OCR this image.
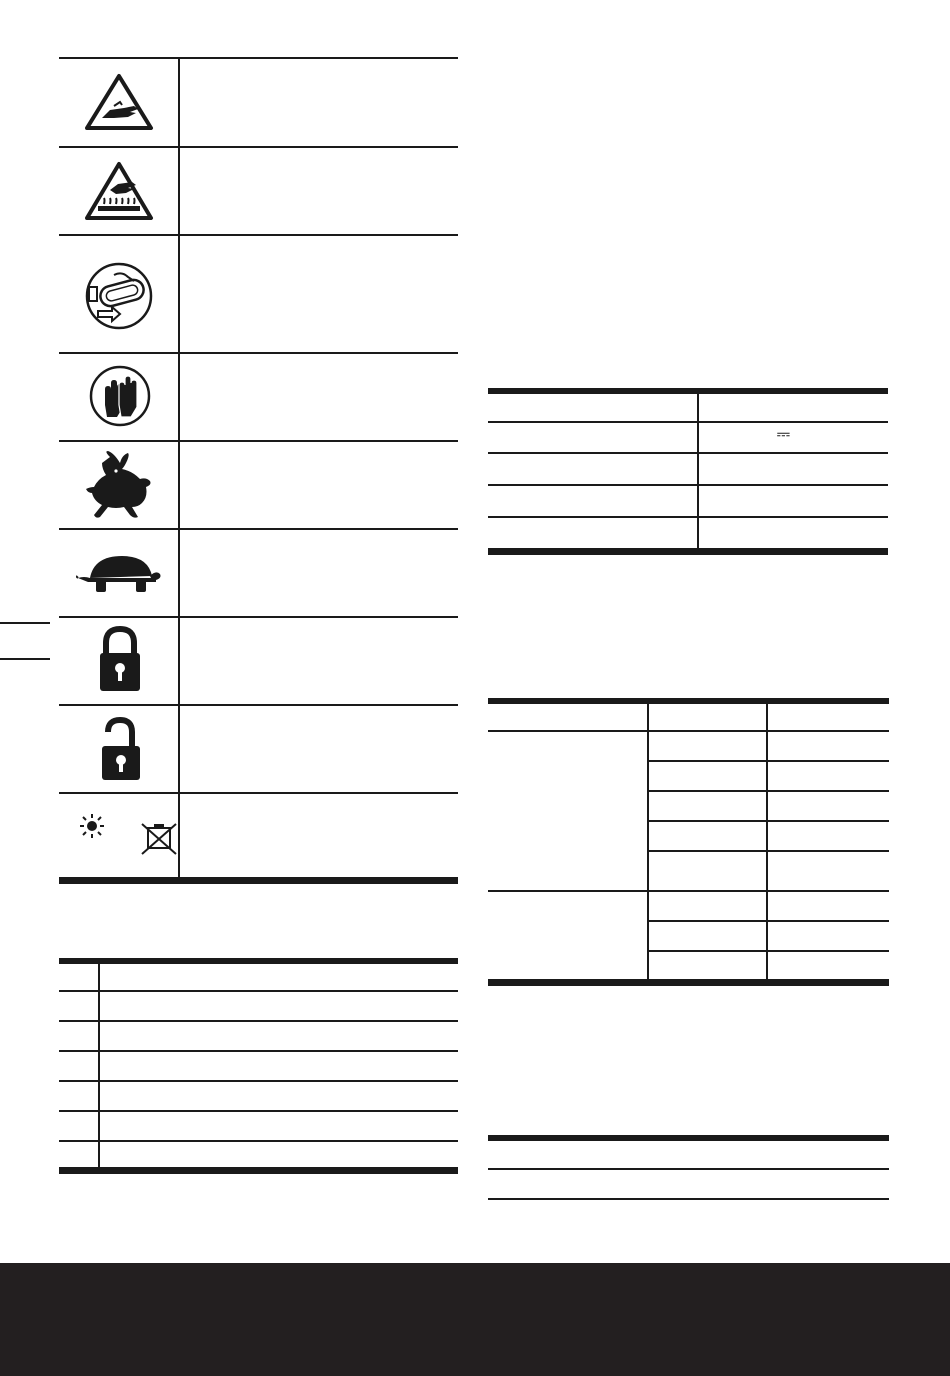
⎓
